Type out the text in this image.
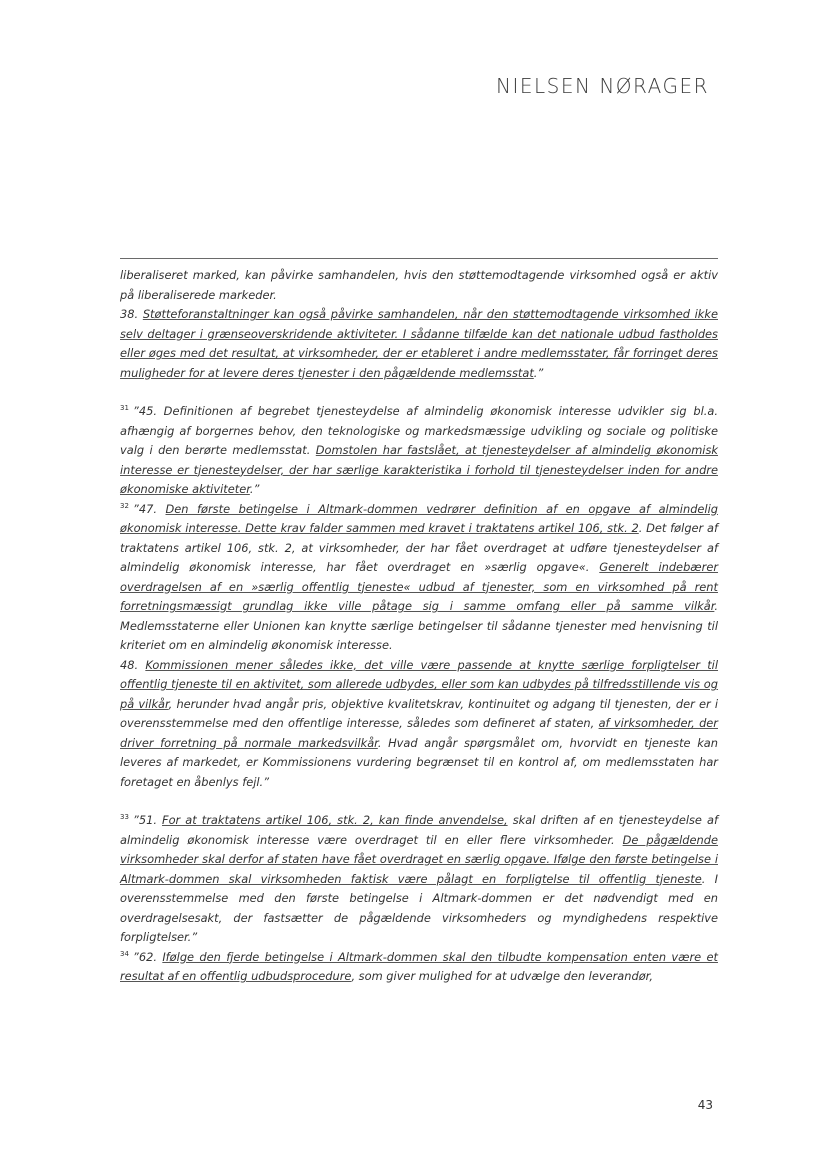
NIELSEN NØRAGER

liberaliseret marked, kan påvirke samhandelen, hvis den støttemodtagende virksomhed også er aktiv på liberaliserede markeder.

38. Støtteforanstaltninger kan også påvirke samhandelen, når den støttemodtagende virksomhed ikke selv deltager i grænseoverskridende aktiviteter. I sådanne tilfælde kan det nationale udbud fastholdes eller øges med det resultat, at virksomheder, der er etableret i andre medlemsstater, får forringet deres muligheder for at levere deres tjenester i den pågældende medlemsstat.”

$^{31}$ ”45. Definitionen af begrebet tjenesteydelse af almindelig økonomisk interesse udvikler sig bl.a. afhængig af borgernes behov, den teknologiske og markedsmæssige udvikling og sociale og politiske valg i den berørte medlemsstat. Domstolen har fastslået, at tjenesteydelser af almindelig økonomisk interesse er tjenesteydelser, der har særlige karakteristika i forhold til tjenesteydelser inden for andre økonomiske aktiviteter.”

$^{32}$ ”47. Den første betingelse i Altmark-dommen vedrører definition af en opgave af almindelig økonomisk interesse. Dette krav falder sammen med kravet i traktatens artikel 106, stk. 2. Det følger af traktatens artikel 106, stk. 2, at virksomheder, der har fået overdraget at udføre tjenesteydelser af almindelig økonomisk interesse, har fået overdraget en »særlig opgave«. Generelt indebærer overdragelsen af en »særlig offentlig tjeneste« udbud af tjenester, som en virksomhed på rent forretningsmæssigt grundlag ikke ville påtage sig i samme omfang eller på samme vilkår. Medlemsstaterne eller Unionen kan knytte særlige betingelser til sådanne tjenester med henvisning til kriteriet om en almindelig økonomisk interesse.

48. Kommissionen mener således ikke, det ville være passende at knytte særlige forpligtelser til offentlig tjeneste til en aktivitet, som allerede udbydes, eller som kan udbydes på tilfredsstillende vis og på vilkår, herunder hvad angår pris, objektive kvalitetskrav, kontinuitet og adgang til tjenesten, der er i overensstemmelse med den offentlige interesse, således som defineret af staten, af virksomheder, der driver forretning på normale markedsvilkår. Hvad angår spørgsmålet om, hvorvidt en tjeneste kan leveres af markedet, er Kommissionens vurdering begrænset til en kontrol af, om medlemsstaten har foretaget en åbenlys fejl.”

$^{33}$ ”51. For at traktatens artikel 106, stk. 2, kan finde anvendelse, skal driften af en tjenesteydelse af almindelig økonomisk interesse være overdraget til en eller flere virksomheder. De pågældende virksomheder skal derfor af staten have fået overdraget en særlig opgave. Ifølge den første betingelse i Altmark-dommen skal virksomheden faktisk være pålagt en forpligtelse til offentlig tjeneste. I overensstemmelse med den første betingelse i Altmark-dommen er det nødvendigt med en overdragelsesakt, der fastsætter de pågældende virksomheders og myndighedens respektive forpligtelser.”

$^{34}$ ”62. Ifølge den fjerde betingelse i Altmark-dommen skal den tilbudte kompensation enten være et resultat af en offentlig udbudsprocedure, som giver mulighed for at udvælge den leverandør,

43
